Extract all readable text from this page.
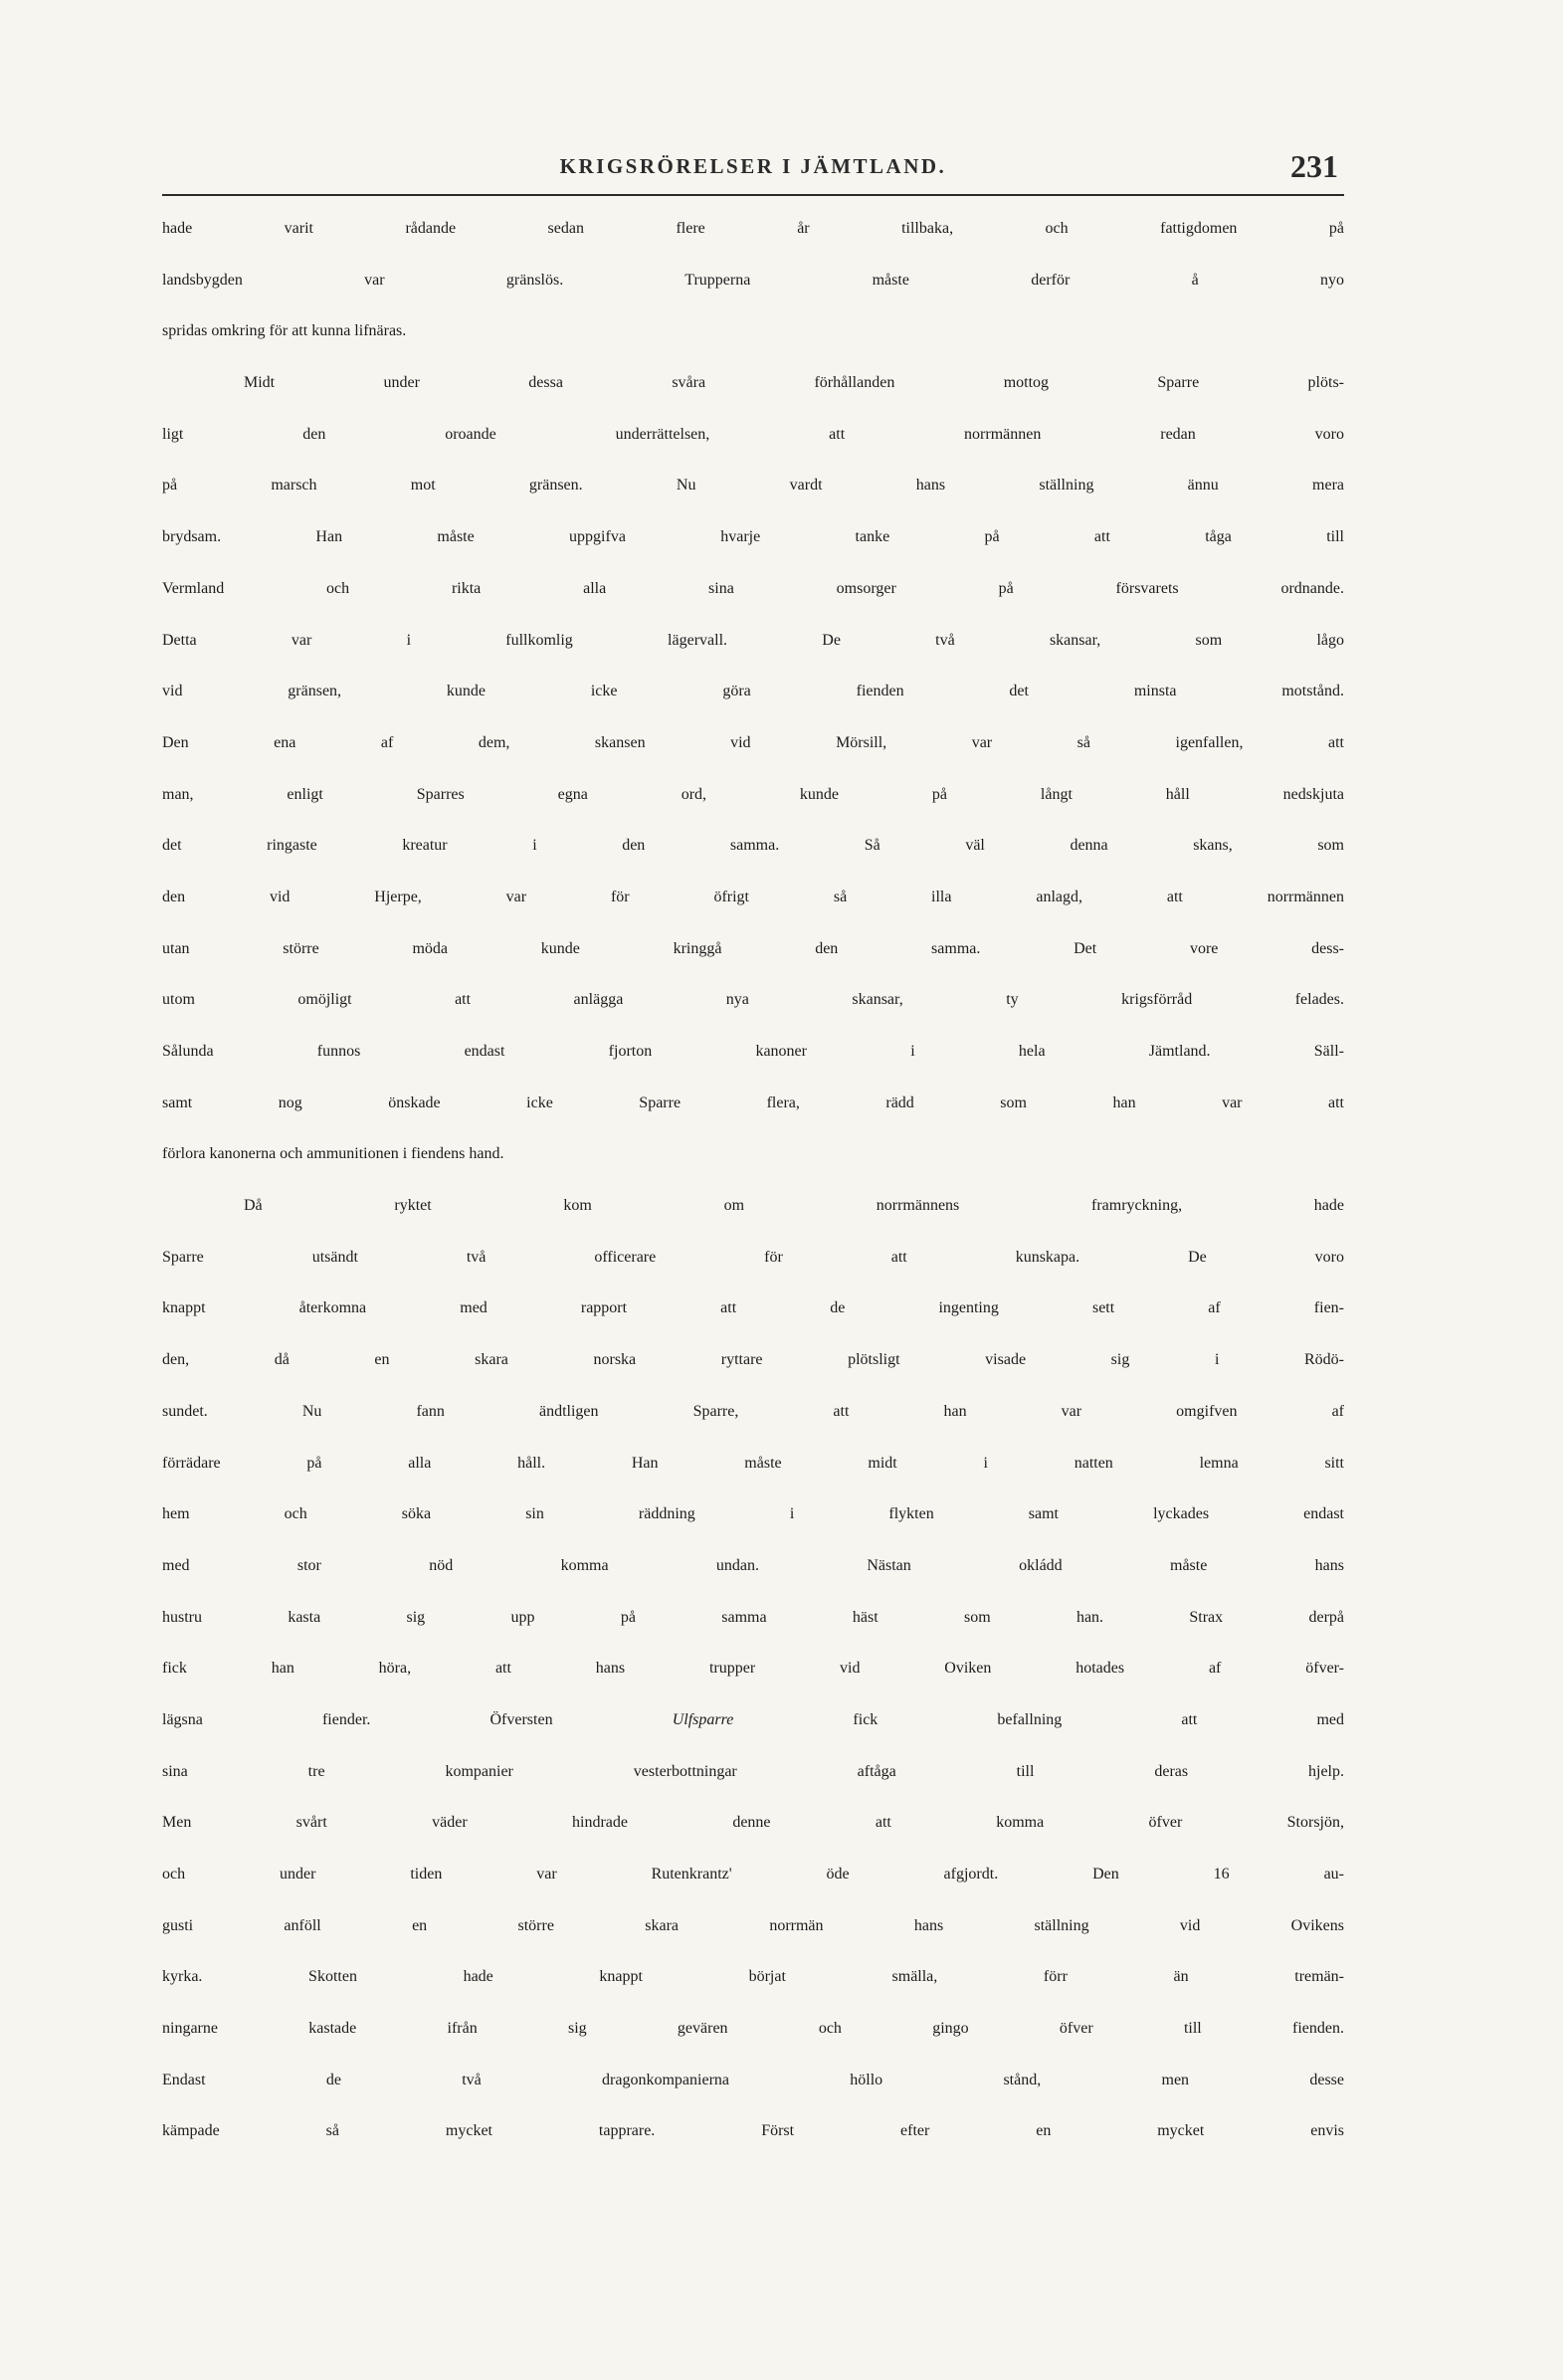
KRIGSRÖRELSER I JÄMTLAND.	231
hade varit rådande sedan flere år tillbaka, och fattigdomen på
landsbygden var gränslös. Trupperna måste derför å nyo
spridas omkring för att kunna lifnäras.
Midt under dessa svåra förhållanden mottog Sparre plöts-
ligt den oroande underrättelsen, att norrmännen redan voro
på marsch mot gränsen. Nu vardt hans ställning ännu mera
brydsam. Han måste uppgifva hvarje tanke på att tåga till
Vermland och rikta alla sina omsorger på försvarets ordnande.
Detta var i fullkomlig lägervall. De två skansar, som lågo
vid gränsen, kunde icke göra fienden det minsta motstånd.
Den ena af dem, skansen vid Mörsill, var så igenfallen, att
man, enligt Sparres egna ord, kunde på långt håll nedskjuta
det ringaste kreatur i den samma. Så väl denna skans, som
den vid Hjerpe, var för öfrigt så illa anlagd, att norrmännen
utan större möda kunde kringgå den samma. Det vore dess-
utom omöjligt att anlägga nya skansar, ty krigsförråd felades.
Sålunda funnos endast fjorton kanoner i hela Jämtland. Säll-
samt nog önskade icke Sparre flera, rädd som han var att
förlora kanonerna och ammunitionen i fiendens hand.
Då ryktet kom om norrmännens framryckning, hade
Sparre utsändt två officerare för att kunskapa. De voro
knappt återkomna med rapport att de ingenting sett af fien-
den, då en skara norska ryttare plötsligt visade sig i Rödö-
sundet. Nu fann ändtligen Sparre, att han var omgifven af
förrädare på alla håll. Han måste midt i natten lemna sitt
hem och söka sin räddning i flykten samt lyckades endast
med stor nöd komma undan. Nästan okládd måste hans
hustru kasta sig upp på samma häst som han. Strax derpå
fick han höra, att hans trupper vid Oviken hotades af öfver-
lägsna fiender. Öfversten Ulfsparre fick befallning att med
sina tre kompanier vesterbottningar aftåga till deras hjelp.
Men svårt väder hindrade denne att komma öfver Storsjön,
och under tiden var Rutenkrantz' öde afgjordt. Den 16 au-
gusti anföll en större skara norrmän hans ställning vid Ovikens
kyrka. Skotten hade knappt börjat smälla, förr än tremän-
ningarne kastade ifrån sig gevären och gingo öfver till fienden.
Endast de två dragonkompanierna höllo stånd, men desse
kämpade så mycket tapprare. Först efter en mycket envis
